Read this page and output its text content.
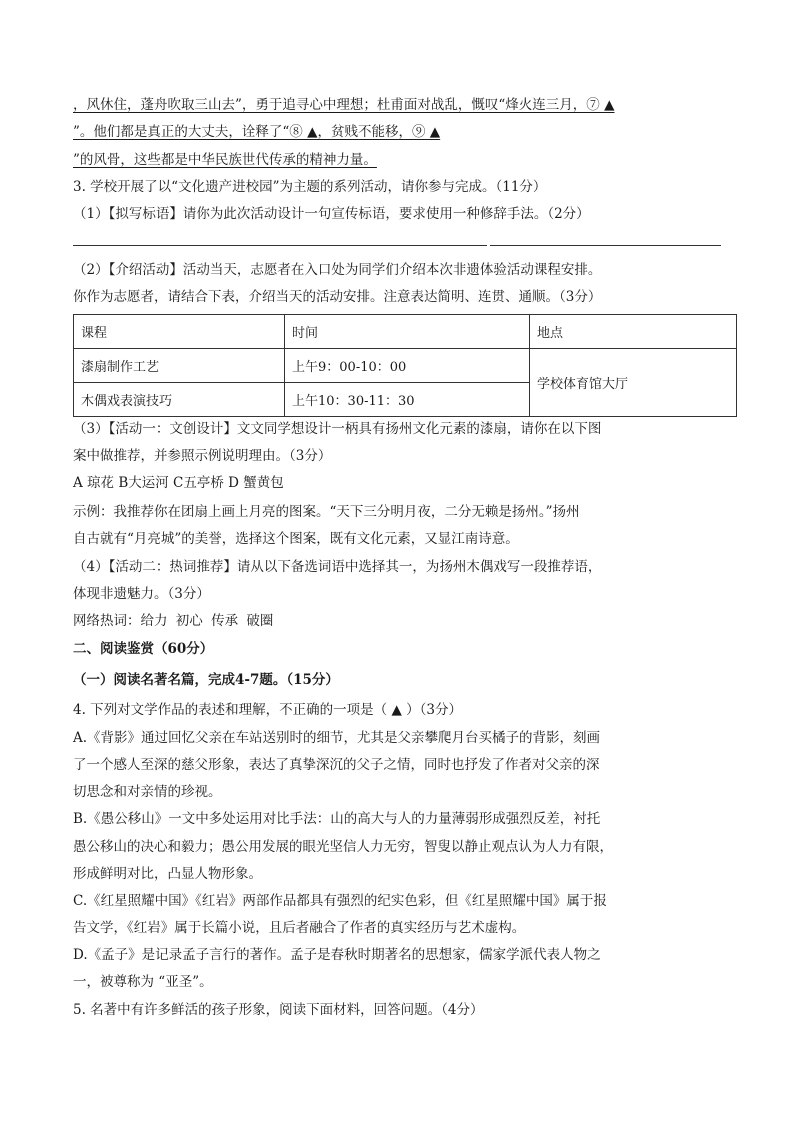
，风休住，蓬舟吹取三山去”，勇于追寻心中理想；杜甫面对战乱，慨叹“烽火连三月，⑦ ▲
”。他们都是真正的大丈夫，诠释了“⑧ ▲，贫贱不能移，⑨ ▲
”的风骨，这些都是中华民族世代传承的精神力量。
3. 学校开展了以“文化遗产进校园”为主题的系列活动，请你参与完成。（11分）
（1）【拟写标语】请你为此次活动设计一句宣传标语，要求使用一种修辞手法。（2分）
（2）【介绍活动】活动当天，志愿者在入口处为同学们介绍本次非遗体验活动课程安排。
你作为志愿者，请结合下表，介绍当天的活动安排。注意表达简明、连贯、通顺。（3分）
课程	时间	地点
漆扇制作工艺	上午9：00-10：00	学校体育馆大厅
木偶戏表演技巧	上午10：30-11：30	
（3）【活动一：文创设计】文文同学想设计一柄具有扬州文化元素的漆扇，请你在以下图
案中做推荐，并参照示例说明理由。（3分）
A 琼花 B大运河 C五亭桥 D 蟹黄包
示例：我推荐你在团扇上画上月亮的图案。“天下三分明月夜，二分无赖是扬州。”扬州
自古就有“月亮城”的美誉，选择这个图案，既有文化元素，又显江南诗意。
（4）【活动二：热词推荐】请从以下备选词语中选择其一，为扬州木偶戏写一段推荐语，
体现非遗魅力。（3分）
网络热词：给力 初心 传承 破圈
二、阅读鉴赏（60分）
（一）阅读名著名篇，完成4-7题。（15分）
4. 下列对文学作品的表述和理解，不正确的一项是（ ▲ ）（3分）
A.《背影》通过回忆父亲在车站送别时的细节，尤其是父亲攀爬月台买橘子的背影，刻画
了一个感人至深的慈父形象，表达了真挚深沉的父子之情，同时也抒发了作者对父亲的深
切思念和对亲情的珍视。
B.《愚公移山》一文中多处运用对比手法：山的高大与人的力量薄弱形成强烈反差，衬托
愚公移山的决心和毅力；愚公用发展的眼光坚信人力无穷，智叟以静止观点认为人力有限，
形成鲜明对比，凸显人物形象。
C.《红星照耀中国》《红岩》两部作品都具有强烈的纪实色彩，但《红星照耀中国》属于报
告文学，《红岩》属于长篇小说，且后者融合了作者的真实经历与艺术虚构。
D.《孟子》是记录孟子言行的著作。孟子是春秋时期著名的思想家，儒家学派代表人物之
一，被尊称为 “亚圣”。
5. 名著中有许多鲜活的孩子形象，阅读下面材料，回答问题。（4分）
